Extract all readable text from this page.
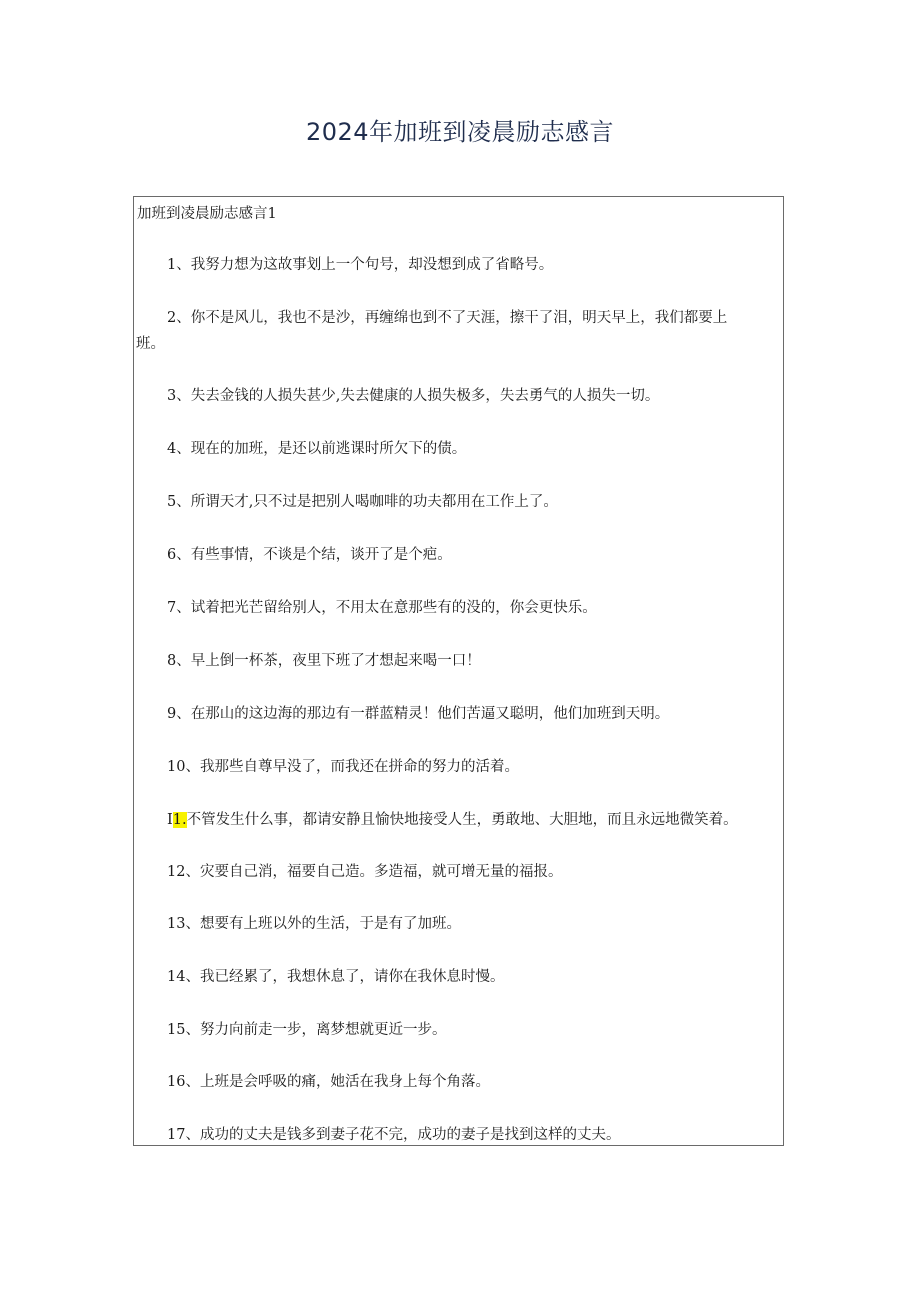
2024年加班到凌晨励志感言
加班到凌晨励志感言1
1、我努力想为这故事划上一个句号，却没想到成了省略号。
2、你不是风儿，我也不是沙，再缠绵也到不了天涯，擦干了泪，明天早上，我们都要上
班。
3、失去金钱的人损失甚少,失去健康的人损失极多，失去勇气的人损失一切。
4、现在的加班，是还以前逃课时所欠下的债。
5、所谓天才,只不过是把别人喝咖啡的功夫都用在工作上了。
6、有些事情，不谈是个结，谈开了是个疤。
7、试着把光芒留给别人，不用太在意那些有的没的，你会更快乐。
8、早上倒一杯茶，夜里下班了才想起来喝一口！
9、在那山的这边海的那边有一群蓝精灵！他们苦逼又聪明，他们加班到天明。
10、我那些自尊早没了，而我还在拼命的努力的活着。
I1.不管发生什么事，都请安静且愉快地接受人生，勇敢地、大胆地，而且永远地微笑着。
12、灾要自己消，福要自己造。多造福，就可增无量的福报。
13、想要有上班以外的生活，于是有了加班。
14、我已经累了，我想休息了，请你在我休息时慢。
15、努力向前走一步，离梦想就更近一步。
16、上班是会呼吸的痛，她活在我身上每个角落。
17、成功的丈夫是钱多到妻子花不完，成功的妻子是找到这样的丈夫。
